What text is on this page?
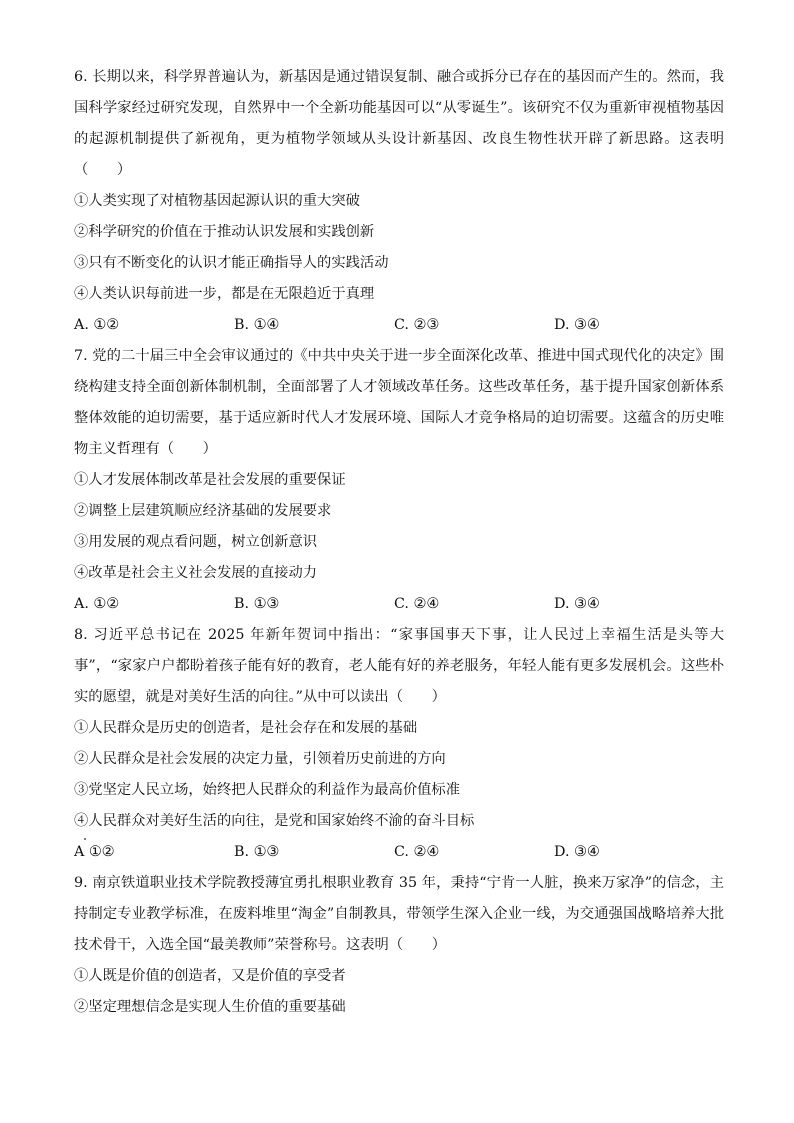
6. 长期以来，科学界普遍认为，新基因是通过错误复制、融合或拆分已存在的基因而产生的。然而，我国科学家经过研究发现，自然界中一个全新功能基因可以“从零诞生”。该研究不仅为重新审视植物基因的起源机制提供了新视角，更为植物学领域从头设计新基因、改良生物性状开辟了新思路。这表明（　　）

①人类实现了对植物基因起源认识的重大突破

②科学研究的价值在于推动认识发展和实践创新

③只有不断变化的认识才能正确指导人的实践活动

④人类认识每前进一步，都是在无限趋近于真理

A. ①②	B. ①④	C. ②③	D. ③④

7. 党的二十届三中全会审议通过的《中共中央关于进一步全面深化改革、推进中国式现代化的决定》围绕构建支持全面创新体制机制，全面部署了人才领域改革任务。这些改革任务，基于提升国家创新体系整体效能的迫切需要，基于适应新时代人才发展环境、国际人才竞争格局的迫切需要。这蕴含的历史唯物主义哲理有（　　）

①人才发展体制改革是社会发展的重要保证

②调整上层建筑顺应经济基础的发展要求

③用发展的观点看问题，树立创新意识

④改革是社会主义社会发展的直接动力

A. ①②	B. ①③	C. ②④	D. ③④

8. 习近平总书记在 2025 年新年贺词中指出：“家事国事天下事，让人民过上幸福生活是头等大事”，“家家户户都盼着孩子能有好的教育，老人能有好的养老服务，年轻人能有更多发展机会。这些朴实的愿望，就是对美好生活的向往。”从中可以读出（　　）

①人民群众是历史的创造者，是社会存在和发展的基础

②人民群众是社会发展的决定力量，引领着历史前进的方向

③党坚定人民立场，始终把人民群众的利益作为最高价值标准

④人民群众对美好生活的向往，是党和国家始终不渝的奋斗目标

A ①②	B. ①③	C. ②④	D. ③④

9. 南京铁道职业技术学院教授薄宜勇扎根职业教育 35 年，秉持“宁肯一人脏，换来万家净”的信念，主持制定专业教学标准，在废料堆里“淘金”自制教具，带领学生深入企业一线，为交通强国战略培养大批技术骨干，入选全国“最美教师”荣誉称号。这表明（　　）

①人既是价值的创造者，又是价值的享受者

②坚定理想信念是实现人生价值的重要基础
